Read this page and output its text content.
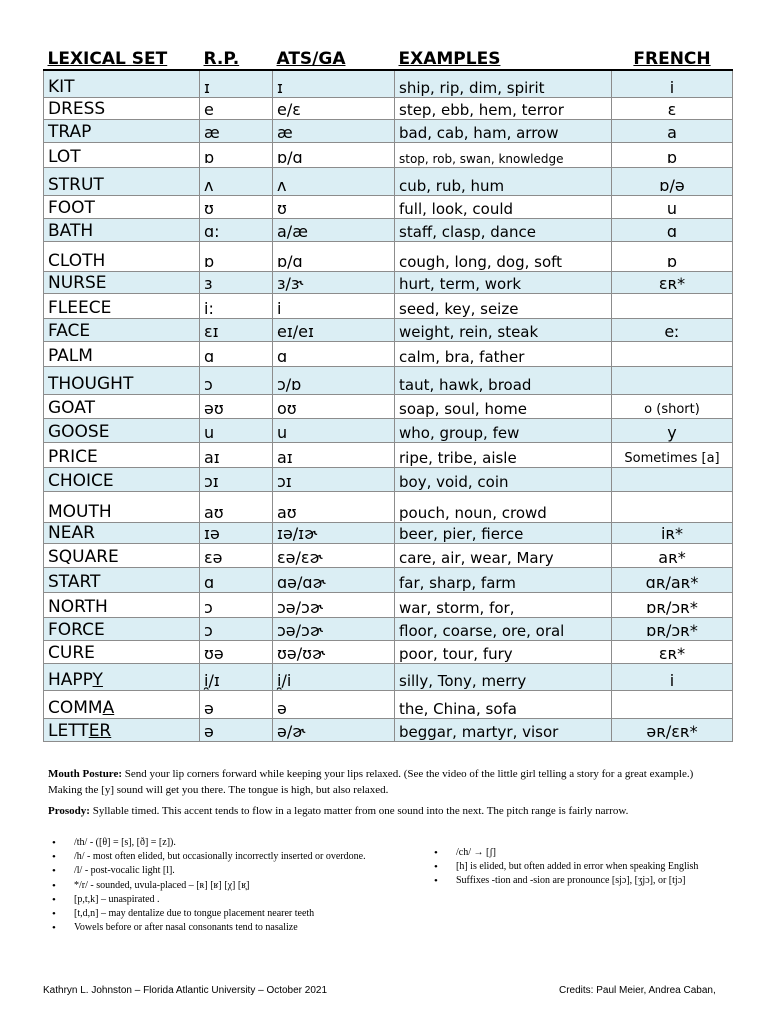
LEXICAL SET	R.P.	ATS/GA	EXAMPLES	FRENCH
KIT	ɪ	ɪ	ship, rip, dim, spirit	i
DRESS	e	e/ɛ	step, ebb, hem, terror	ɛ
TRAP	æ	æ	bad, cab, ham, arrow	a
LOT	ɒ	ɒ/ɑ	stop, rob, swan, knowledge	ɒ
STRUT	ʌ	ʌ	cub, rub, hum	ɒ/ə
FOOT	ʊ	ʊ	full, look, could	u
BATH	ɑ:	a/æ	staff, clasp, dance	ɑ
CLOTH	ɒ	ɒ/ɑ	cough, long, dog, soft	ɒ
NURSE	ɜ	ɜ/ɝ	hurt, term, work	ɛʀ*
FLEECE	i:	i	seed, key, seize	
FACE	ɛɪ	eɪ/eɪ	weight, rein, steak	eː
PALM	ɑ	ɑ	calm, bra, father	
THOUGHT	ɔ	ɔ/ɒ	taut, hawk, broad	
GOAT	əʊ	oʊ	soap, soul, home	o (short)
GOOSE	u	u	who, group, few	y
PRICE	aɪ	aɪ	ripe, tribe, aisle	Sometimes [a]
CHOICE	ɔɪ	ɔɪ	boy, void, coin	
MOUTH	aʊ	aʊ	pouch, noun, crowd	
NEAR	ɪə	ɪə/ɪɚ	beer, pier, fierce	iʀ*
SQUARE	ɛə	ɛə/ɛɚ	care, air, wear, Mary	aʀ*
START	ɑ	ɑə/ɑɚ	far, sharp, farm	ɑʀ/aʀ*
NORTH	ɔ	ɔə/ɔɚ	war, storm, for,	ɒʀ/ɔʀ*
FORCE	ɔ	ɔə/ɔɚ	floor, coarse, ore, oral	ɒʀ/ɔʀ*
CURE	ʊə	ʊə/ʊɚ	poor, tour, fury	ɛʀ*
HAPPY	i̯/ɪ	i̯/i	silly, Tony, merry	i
COMMA	ə	ə	the, China, sofa	
LETTER	ə	ə/ɚ	beggar, martyr, visor	əʀ/ɛʀ*
Mouth Posture: Send your lip corners forward while keeping your lips relaxed. (See the video of the little girl telling a story for a great example.) Making the [y] sound will get you there. The tongue is high, but also relaxed.
Prosody: Syllable timed. This accent tends to flow in a legato matter from one sound into the next. The pitch range is fairly narrow.
• /th/ - ([θ] = [s], [ð] = [z]).
• /h/ - most often elided, but occasionally incorrectly inserted or overdone.
• /l/ - post-vocalic light [l].
• */r/ - sounded, uvula-placed – [ʀ] [ʁ] [χ] [ʁ̞]
• [p,t,k] – unaspirated .
• [t,d,n] – may dentalize due to tongue placement nearer teeth
• Vowels before or after nasal consonants tend to nasalize
• /ch/ → [ʃ]
• [h] is elided, but often added in error when speaking English
• Suffixes -tion and -sion are pronounce [sjɔ], [ʒjɔ], or [tjɔ]
Kathryn L. Johnston – Florida Atlantic University – October 2021	Credits: Paul Meier, Andrea Caban,
